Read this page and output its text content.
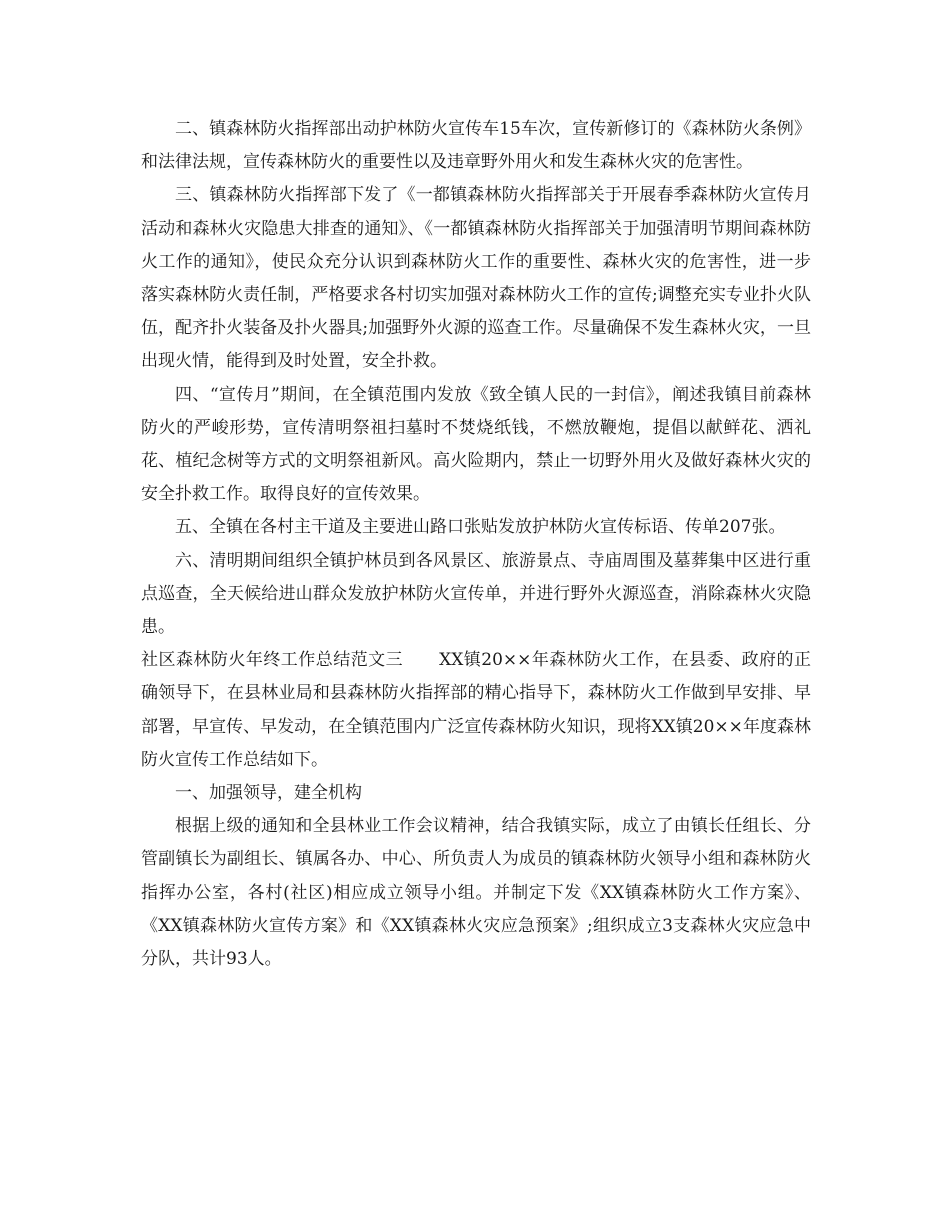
二、镇森林防火指挥部出动护林防火宣传车15车次，宣传新修订的《森林防火条例》和法律法规，宣传森林防火的重要性以及违章野外用火和发生森林火灾的危害性。

三、镇森林防火指挥部下发了《一都镇森林防火指挥部关于开展春季森林防火宣传月活动和森林火灾隐患大排查的通知》、《一都镇森林防火指挥部关于加强清明节期间森林防火工作的通知》，使民众充分认识到森林防火工作的重要性、森林火灾的危害性，进一步落实森林防火责任制，严格要求各村切实加强对森林防火工作的宣传;调整充实专业扑火队伍，配齐扑火装备及扑火器具;加强野外火源的巡查工作。尽量确保不发生森林火灾，一旦出现火情，能得到及时处置，安全扑救。

四、“宣传月”期间，在全镇范围内发放《致全镇人民的一封信》，阐述我镇目前森林防火的严峻形势，宣传清明祭祖扫墓时不焚烧纸钱，不燃放鞭炮，提倡以献鲜花、洒礼花、植纪念树等方式的文明祭祖新风。高火险期内，禁止一切野外用火及做好森林火灾的安全扑救工作。取得良好的宣传效果。

五、全镇在各村主干道及主要进山路口张贴发放护林防火宣传标语、传单207张。

六、清明期间组织全镇护林员到各风景区、旅游景点、寺庙周围及墓葬集中区进行重点巡查，全天候给进山群众发放护林防火宣传单，并进行野外火源巡查，消除森林火灾隐患。

社区森林防火年终工作总结范文三 XX镇20××年森林防火工作，在县委、政府的正确领导下，在县林业局和县森林防火指挥部的精心指导下，森林防火工作做到早安排、早部署，早宣传、早发动，在全镇范围内广泛宣传森林防火知识，现将XX镇20××年度森林防火宣传工作总结如下。

一、加强领导，建全机构

根据上级的通知和全县林业工作会议精神，结合我镇实际，成立了由镇长任组长、分管副镇长为副组长、镇属各办、中心、所负责人为成员的镇森林防火领导小组和森林防火指挥办公室，各村(社区)相应成立领导小组。并制定下发《XX镇森林防火工作方案》、《XX镇森林防火宣传方案》和《XX镇森林火灾应急预案》;组织成立3支森林火灾应急中分队，共计93人。
